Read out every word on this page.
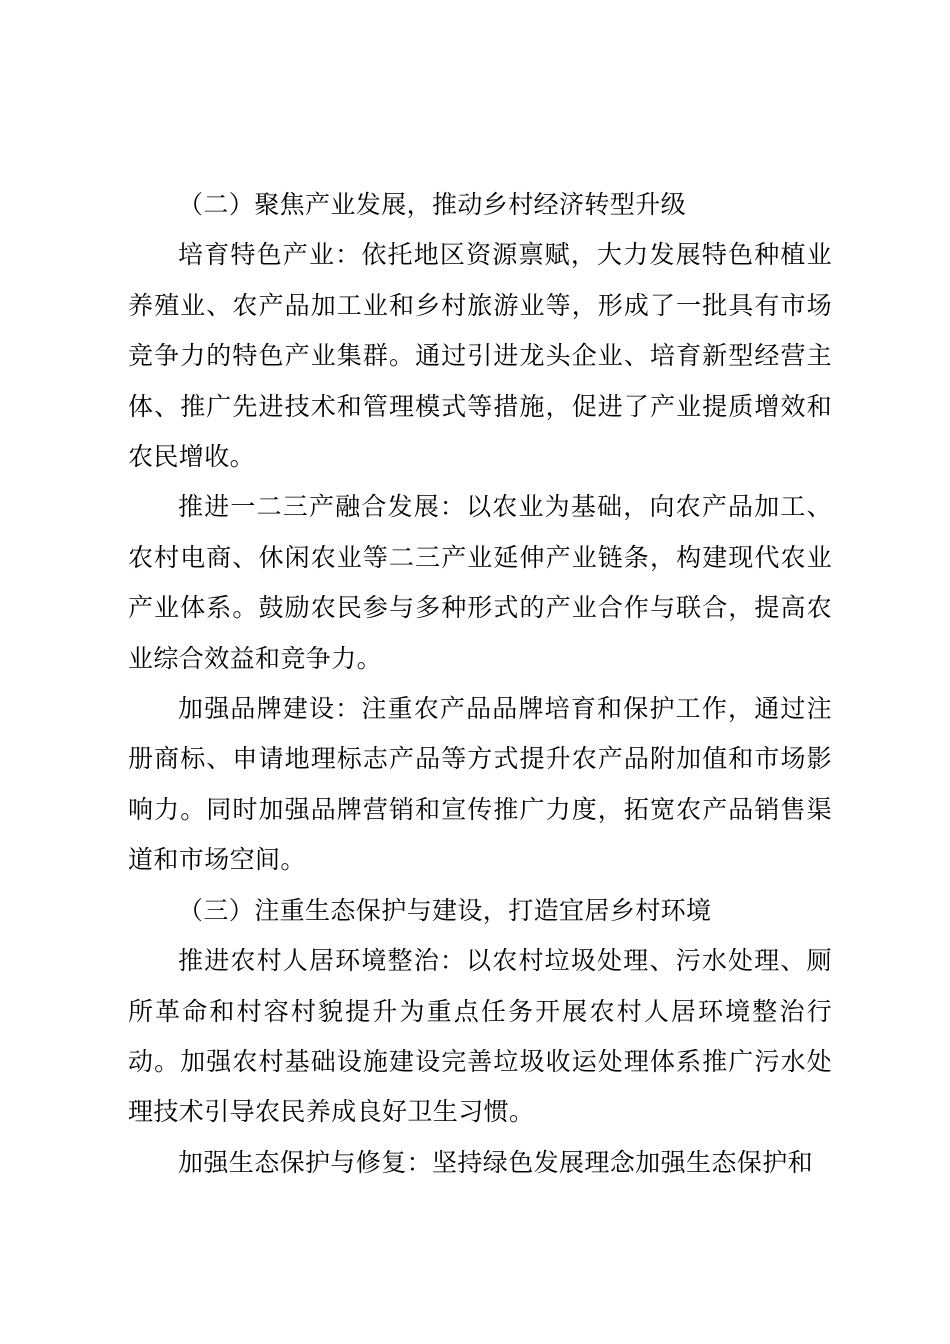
（二）聚焦产业发展，推动乡村经济转型升级

培育特色产业：依托地区资源禀赋，大力发展特色种植业养殖业、农产品加工业和乡村旅游业等，形成了一批具有市场竞争力的特色产业集群。通过引进龙头企业、培育新型经营主体、推广先进技术和管理模式等措施，促进了产业提质增效和农民增收。

推进一二三产融合发展：以农业为基础，向农产品加工、农村电商、休闲农业等二三产业延伸产业链条，构建现代农业产业体系。鼓励农民参与多种形式的产业合作与联合，提高农业综合效益和竞争力。

加强品牌建设：注重农产品品牌培育和保护工作，通过注册商标、申请地理标志产品等方式提升农产品附加值和市场影响力。同时加强品牌营销和宣传推广力度，拓宽农产品销售渠道和市场空间。

（三）注重生态保护与建设，打造宜居乡村环境

推进农村人居环境整治：以农村垃圾处理、污水处理、厕所革命和村容村貌提升为重点任务开展农村人居环境整治行动。加强农村基础设施建设完善垃圾收运处理体系推广污水处理技术引导农民养成良好卫生习惯。

加强生态保护与修复：坚持绿色发展理念加强生态保护和
